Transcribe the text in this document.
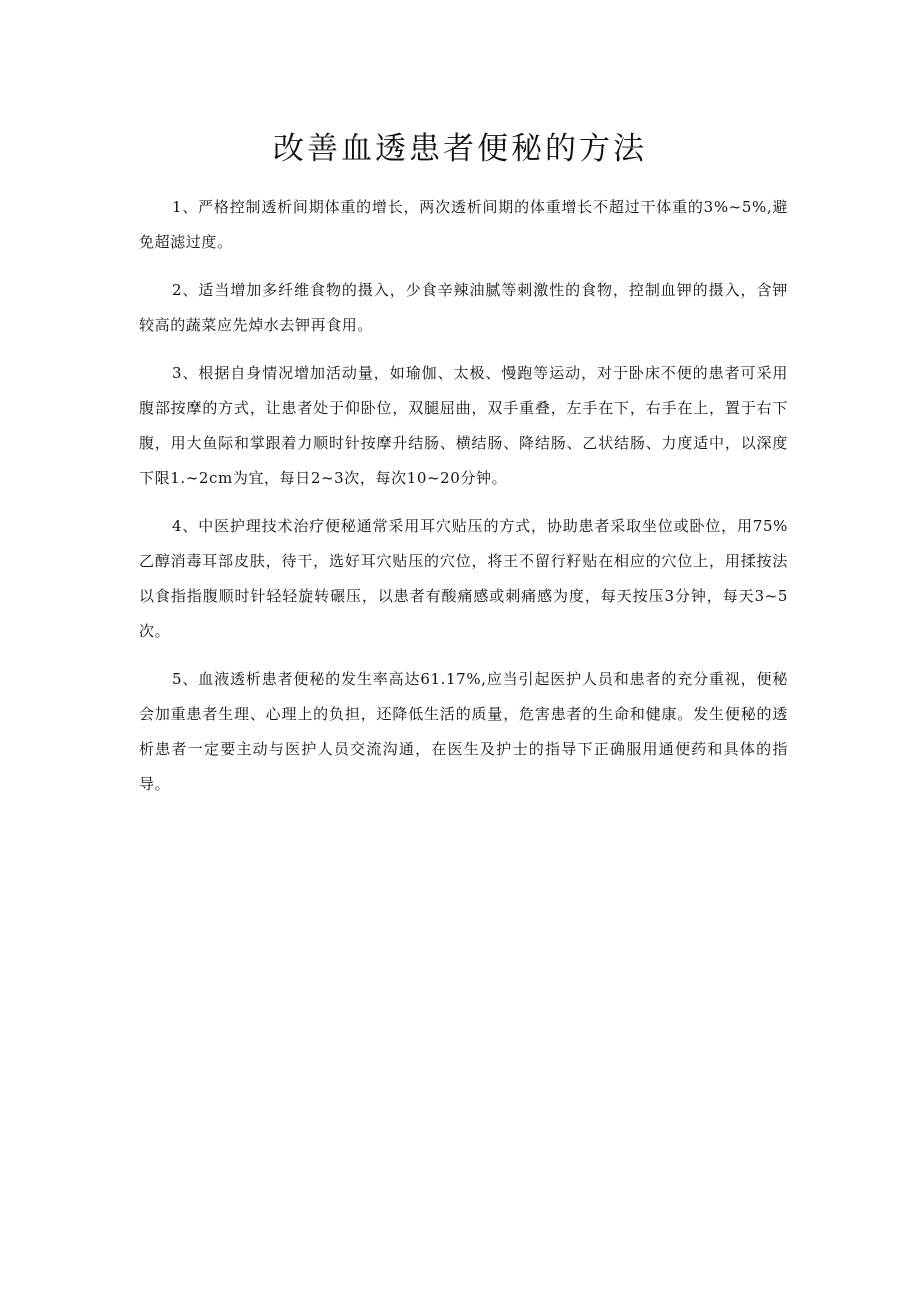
改善血透患者便秘的方法

1、严格控制透析间期体重的增长，两次透析间期的体重增长不超过干体重的3%~5%,避免超滤过度。

2、适当增加多纤维食物的摄入，少食辛辣油腻等刺激性的食物，控制血钾的摄入，含钾较高的蔬菜应先焯水去钾再食用。

3、根据自身情况增加活动量，如瑜伽、太极、慢跑等运动，对于卧床不便的患者可采用腹部按摩的方式，让患者处于仰卧位，双腿屈曲，双手重叠，左手在下，右手在上，置于右下腹，用大鱼际和掌跟着力顺时针按摩升结肠、横结肠、降结肠、乙状结肠、力度适中，以深度下限1.~2cm为宜，每日2~3次，每次10~20分钟。

4、中医护理技术治疗便秘通常采用耳穴贴压的方式，协助患者采取坐位或卧位，用75%乙醇消毒耳部皮肤，待干，选好耳穴贴压的穴位，将王不留行籽贴在相应的穴位上，用揉按法以食指指腹顺时针轻轻旋转碾压，以患者有酸痛感或刺痛感为度，每天按压3分钟，每天3~5次。

5、血液透析患者便秘的发生率高达61.17%,应当引起医护人员和患者的充分重视，便秘会加重患者生理、心理上的负担，还降低生活的质量，危害患者的生命和健康。发生便秘的透析患者一定要主动与医护人员交流沟通，在医生及护士的指导下正确服用通便药和具体的指导。
